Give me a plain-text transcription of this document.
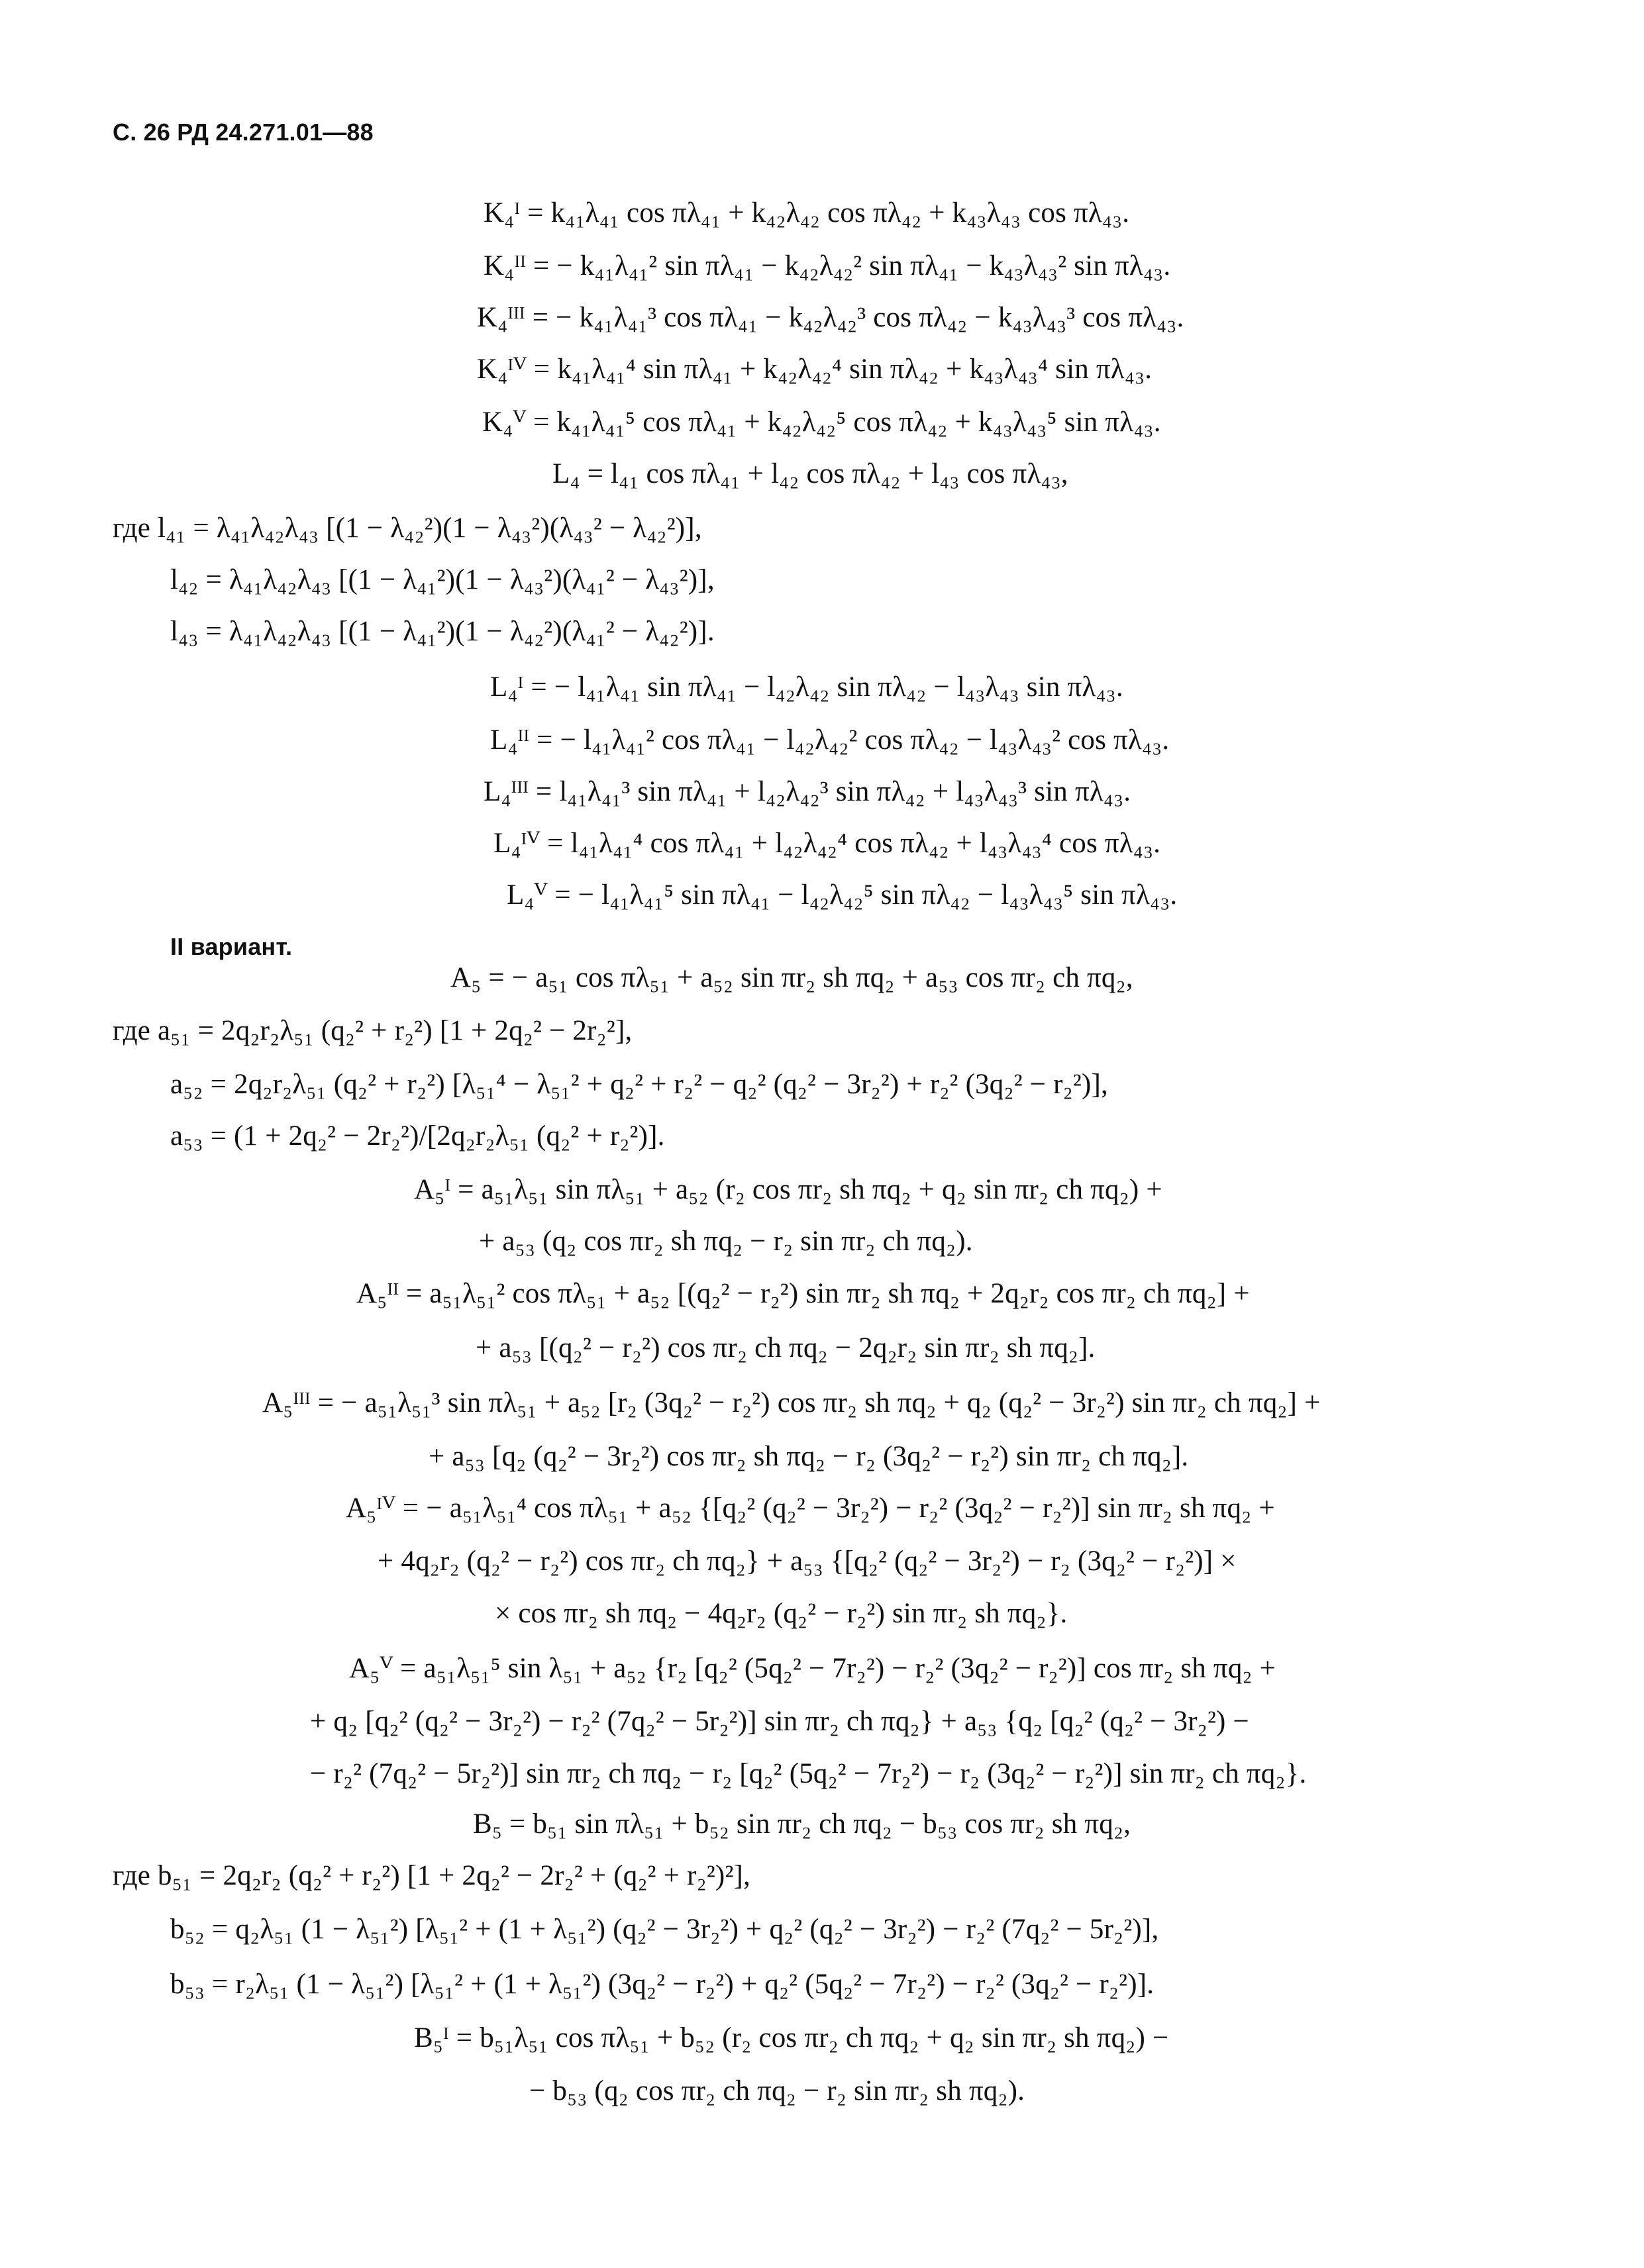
С. 26 РД 24.271.01—88
K₄ᴵ = k₄₁λ₄₁ cos πλ₄₁ + k₄₂λ₄₂ cos πλ₄₂ + k₄₃λ₄₃ cos πλ₄₃.
K₄ᴵᴵ = − k₄₁λ₄₁² sin πλ₄₁ − k₄₂λ₄₂² sin πλ₄₁ − k₄₃λ₄₃² sin πλ₄₃.
K₄ᴵᴵᴵ = − k₄₁λ₄₁³ cos πλ₄₁ − k₄₂λ₄₂³ cos πλ₄₂ − k₄₃λ₄₃³ cos πλ₄₃.
K₄ᴵⱽ = k₄₁λ₄₁⁴ sin πλ₄₁ + k₄₂λ₄₂⁴ sin πλ₄₂ + k₄₃λ₄₃⁴ sin πλ₄₃.
K₄ⱽ = k₄₁λ₄₁⁵ cos πλ₄₁ + k₄₂λ₄₂⁵ cos πλ₄₂ + k₄₃λ₄₃⁵ sin πλ₄₃.
L₄ = l₄₁ cos πλ₄₁ + l₄₂ cos πλ₄₂ + l₄₃ cos πλ₄₃,
где l₄₁ = λ₄₁λ₄₂λ₄₃ [(1 − λ₄₂²)(1 − λ₄₃²)(λ₄₃² − λ₄₂²)],
l₄₂ = λ₄₁λ₄₂λ₄₃ [(1 − λ₄₁²)(1 − λ₄₃²)(λ₄₁² − λ₄₃²)],
l₄₃ = λ₄₁λ₄₂λ₄₃ [(1 − λ₄₁²)(1 − λ₄₂²)(λ₄₁² − λ₄₂²)].
L₄ᴵ = − l₄₁λ₄₁ sin πλ₄₁ − l₄₂λ₄₂ sin πλ₄₂ − l₄₃λ₄₃ sin πλ₄₃.
L₄ᴵᴵ = − l₄₁λ₄₁² cos πλ₄₁ − l₄₂λ₄₂² cos πλ₄₂ − l₄₃λ₄₃² cos πλ₄₃.
L₄ᴵᴵᴵ = l₄₁λ₄₁³ sin πλ₄₁ + l₄₂λ₄₂³ sin πλ₄₂ + l₄₃λ₄₃³ sin πλ₄₃.
L₄ᴵⱽ = l₄₁λ₄₁⁴ cos πλ₄₁ + l₄₂λ₄₂⁴ cos πλ₄₂ + l₄₃λ₄₃⁴ cos πλ₄₃.
L₄ⱽ = − l₄₁λ₄₁⁵ sin πλ₄₁ − l₄₂λ₄₂⁵ sin πλ₄₂ − l₄₃λ₄₃⁵ sin πλ₄₃.
II вариант.
A₅ = − a₅₁ cos πλ₅₁ + a₅₂ sin πr₂ sh πq₂ + a₅₃ cos πr₂ ch πq₂,
где a₅₁ = 2q₂r₂λ₅₁ (q₂² + r₂²) [1 + 2q₂² − 2r₂²],
a₅₂ = 2q₂r₂λ₅₁ (q₂² + r₂²) [λ₅₁⁴ − λ₅₁² + q₂² + r₂² − q₂² (q₂² − 3r₂²) + r₂² (3q₂² − r₂²)],
a₅₃ = (1 + 2q₂² − 2r₂²)/[2q₂r₂λ₅₁ (q₂² + r₂²)].
A₅ᴵ = a₅₁λ₅₁ sin πλ₅₁ + a₅₂ (r₂ cos πr₂ sh πq₂ + q₂ sin πr₂ ch πq₂) +
+ a₅₃ (q₂ cos πr₂ sh πq₂ − r₂ sin πr₂ ch πq₂).
A₅ᴵᴵ = a₅₁λ₅₁² cos πλ₅₁ + a₅₂ [(q₂² − r₂²) sin πr₂ sh πq₂ + 2q₂r₂ cos πr₂ ch πq₂] +
+ a₅₃ [(q₂² − r₂²) cos πr₂ ch πq₂ − 2q₂r₂ sin πr₂ sh πq₂].
A₅ᴵᴵᴵ = − a₅₁λ₅₁³ sin πλ₅₁ + a₅₂ [r₂ (3q₂² − r₂²) cos πr₂ sh πq₂ + q₂ (q₂² − 3r₂²) sin πr₂ ch πq₂] +
+ a₅₃ [q₂ (q₂² − 3r₂²) cos πr₂ sh πq₂ − r₂ (3q₂² − r₂²) sin πr₂ ch πq₂].
A₅ᴵⱽ = − a₅₁λ₅₁⁴ cos πλ₅₁ + a₅₂ {[q₂² (q₂² − 3r₂²) − r₂² (3q₂² − r₂²)] sin πr₂ sh πq₂ +
+ 4q₂r₂ (q₂² − r₂²) cos πr₂ ch πq₂} + a₅₃ {[q₂² (q₂² − 3r₂²) − r₂ (3q₂² − r₂²)] ×
× cos πr₂ sh πq₂ − 4q₂r₂ (q₂² − r₂²) sin πr₂ sh πq₂}.
A₅ⱽ = a₅₁λ₅₁⁵ sin λ₅₁ + a₅₂ {r₂ [q₂² (5q₂² − 7r₂²) − r₂² (3q₂² − r₂²)] cos πr₂ sh πq₂ +
+ q₂ [q₂² (q₂² − 3r₂²) − r₂² (7q₂² − 5r₂²)] sin πr₂ ch πq₂} + a₅₃ {q₂ [q₂² (q₂² − 3r₂²) −
− r₂² (7q₂² − 5r₂²)] sin πr₂ ch πq₂ − r₂ [q₂² (5q₂² − 7r₂²) − r₂ (3q₂² − r₂²)] sin πr₂ ch πq₂}.
B₅ = b₅₁ sin πλ₅₁ + b₅₂ sin πr₂ ch πq₂ − b₅₃ cos πr₂ sh πq₂,
где b₅₁ = 2q₂r₂ (q₂² + r₂²) [1 + 2q₂² − 2r₂² + (q₂² + r₂²)²],
b₅₂ = q₂λ₅₁ (1 − λ₅₁²) [λ₅₁² + (1 + λ₅₁²) (q₂² − 3r₂²) + q₂² (q₂² − 3r₂²) − r₂² (7q₂² − 5r₂²)],
b₅₃ = r₂λ₅₁ (1 − λ₅₁²) [λ₅₁² + (1 + λ₅₁²) (3q₂² − r₂²) + q₂² (5q₂² − 7r₂²) − r₂² (3q₂² − r₂²)].
B₅ᴵ = b₅₁λ₅₁ cos πλ₅₁ + b₅₂ (r₂ cos πr₂ ch πq₂ + q₂ sin πr₂ sh πq₂) −
− b₅₃ (q₂ cos πr₂ ch πq₂ − r₂ sin πr₂ sh πq₂).
